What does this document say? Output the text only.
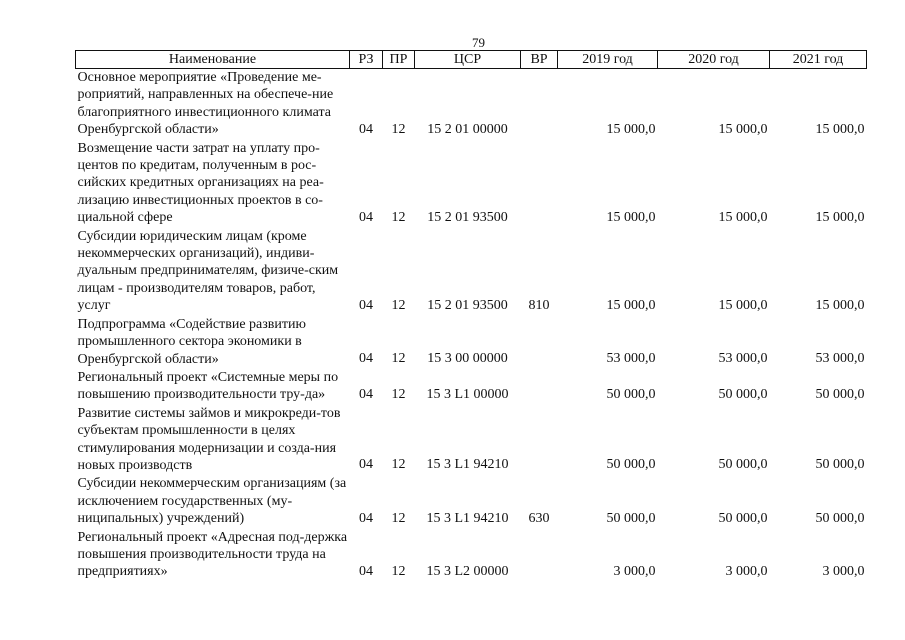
79
Наименование	РЗ	ПР	ЦСР	ВР	2019 год	2020 год	2021 год
Основное мероприятие «Проведение ме-роприятий, направленных на обеспече-ние благоприятного инвестиционного климата Оренбургской области»	04	12	15 2 01 00000		15 000,0	15 000,0	15 000,0
Возмещение части затрат на уплату про-центов по кредитам, полученным в рос-сийских кредитных организациях на реа-лизацию инвестиционных проектов в со-циальной сфере	04	12	15 2 01 93500		15 000,0	15 000,0	15 000,0
Субсидии юридическим лицам (кроме некоммерческих организаций), индиви-дуальным предпринимателям, физиче-ским лицам - производителям товаров, работ, услуг	04	12	15 2 01 93500	810	15 000,0	15 000,0	15 000,0
Подпрограмма «Содействие развитию промышленного сектора экономики в Оренбургской области»	04	12	15 3 00 00000		53 000,0	53 000,0	53 000,0
Региональный проект «Системные меры по повышению производительности тру-да»	04	12	15 3 L1 00000		50 000,0	50 000,0	50 000,0
Развитие системы займов и микрокреди-тов субъектам промышленности в целях стимулирования модернизации и созда-ния новых производств	04	12	15 3 L1 94210		50 000,0	50 000,0	50 000,0
Субсидии некоммерческим организациям (за исключением государственных (му-ниципальных) учреждений)	04	12	15 3 L1 94210	630	50 000,0	50 000,0	50 000,0
Региональный проект «Адресная под-держка повышения производительности труда на предприятиях»	04	12	15 3 L2 00000		3 000,0	3 000,0	3 000,0
